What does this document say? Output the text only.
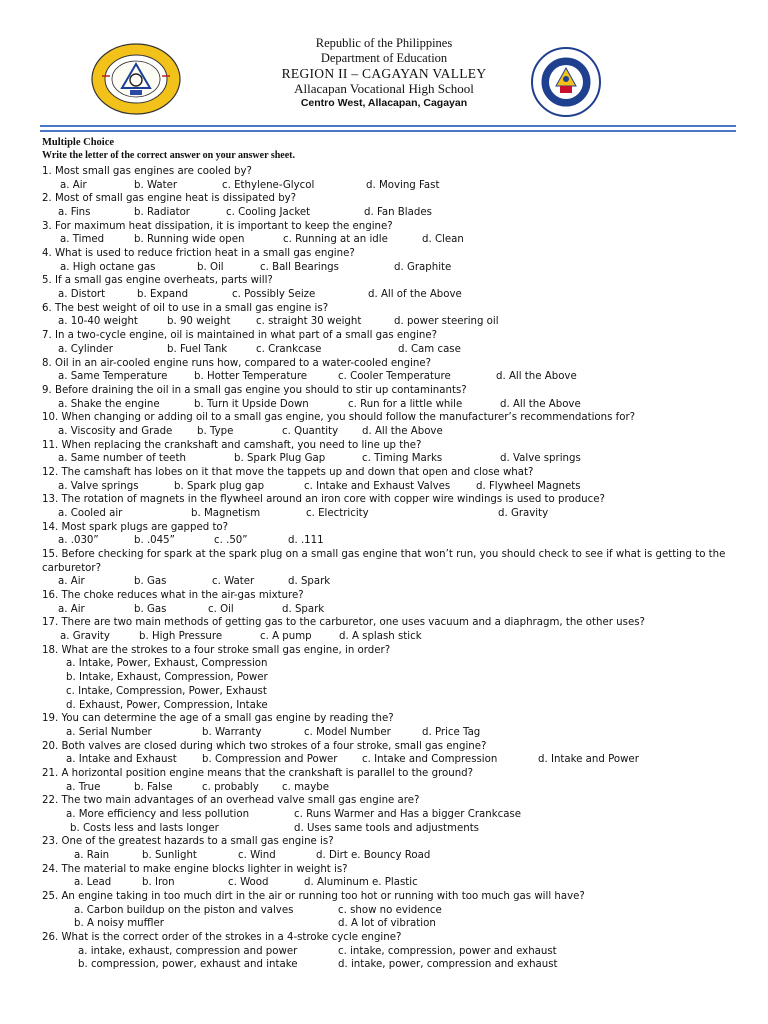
Republic of the Philippines
Department of Education
REGION II – CAGAYAN VALLEY
Allacapan Vocational High School
Centro West, Allacapan, Cagayan
Multiple Choice
Write the letter of the correct answer on your answer sheet.
1. Most small gas engines are cooled by?
a. Air	b. Water	c. Ethylene-Glycol	d. Moving Fast
2. Most of small gas engine heat is dissipated by?
a. Fins	b. Radiator	c. Cooling Jacket	d. Fan Blades
3. For maximum heat dissipation, it is important to keep the engine?
a. Timed	b. Running wide open	c. Running at an idle	d. Clean
4. What is used to reduce friction heat in a small gas engine?
a. High octane gas	b. Oil	c. Ball Bearings	d. Graphite
5. If a small gas engine overheats, parts will?
a. Distort	b. Expand	c. Possibly Seize	d. All of the Above
6. The best weight of oil to use in a small gas engine is?
a. 10-40 weight	b. 90 weight	c. straight 30 weight	d. power steering oil
7. In a two-cycle engine, oil is maintained in what part of a small gas engine?
a. Cylinder	b. Fuel Tank	c. Crankcase	d. Cam case
8. Oil in an air-cooled engine runs how, compared to a water-cooled engine?
a. Same Temperature	b. Hotter Temperature	c. Cooler Temperature	d. All the Above
9. Before draining the oil in a small gas engine you should to stir up contaminants?
a. Shake the engine	b. Turn it Upside Down	c. Run for a little while	d. All the Above
10. When changing or adding oil to a small gas engine, you should follow the manufacturer’s recommendations for?
a. Viscosity and Grade b. Type	c. Quantity d. All the Above
11. When replacing the crankshaft and camshaft, you need to line up the?
a. Same number of teeth	b. Spark Plug Gap	c. Timing Marks	d. Valve springs
12. The camshaft has lobes on it that move the tappets up and down that open and close what?
a. Valve springs	b. Spark plug gap	c. Intake and Exhaust Valves	d. Flywheel Magnets
13. The rotation of magnets in the flywheel around an iron core with copper wire windings is used to produce?
a. Cooled air	b. Magnetism	c. Electricity	d. Gravity
14. Most spark plugs are gapped to?
a. .030”	b. .045”	c. .50”	d. .111
15. Before checking for spark at the spark plug on a small gas engine that won’t run, you should check to see if what is getting to the carburetor?
a. Air	b. Gas	c. Water	d. Spark
16. The choke reduces what in the air-gas mixture?
a. Air	b. Gas	c. Oil	d. Spark
17. There are two main methods of getting gas to the carburetor, one uses vacuum and a diaphragm, the other uses?
a. Gravity	b. High Pressure	c. A pump	d. A splash stick
18. What are the strokes to a four stroke small gas engine, in order?
a. Intake, Power, Exhaust, Compression
b. Intake, Exhaust, Compression, Power
c. Intake, Compression, Power, Exhaust
d. Exhaust, Power, Compression, Intake
19. You can determine the age of a small gas engine by reading the?
a. Serial Number	b. Warranty	c. Model Number	d. Price Tag
20. Both valves are closed during which two strokes of a four stroke, small gas engine?
a. Intake and Exhaust b. Compression and Power c. Intake and Compression	d. Intake and Power
21. A horizontal position engine means that the crankshaft is parallel to the ground?
a. True	b. False	c. probably c. maybe
22. The two main advantages of an overhead valve small gas engine are?
a. More efficiency and less pollution	c. Runs Warmer and Has a bigger Crankcase
b. Costs less and lasts longer	d. Uses same tools and adjustments
23. One of the greatest hazards to a small gas engine is?
a. Rain	b. Sunlight	c. Wind	d. Dirt e. Bouncy Road
24. The material to make engine blocks lighter in weight is?
a. Lead	b. Iron	c. Wood	d. Aluminum e. Plastic
25. An engine taking in too much dirt in the air or running too hot or running with too much gas will have?
a. Carbon buildup on the piston and valves	c. show no evidence
b. A noisy muffler	d. A lot of vibration
26. What is the correct order of the strokes in a 4-stroke cycle engine?
a. intake, exhaust, compression and power	c. intake, compression, power and exhaust
b. compression, power, exhaust and intake	d. intake, power, compression and exhaust
